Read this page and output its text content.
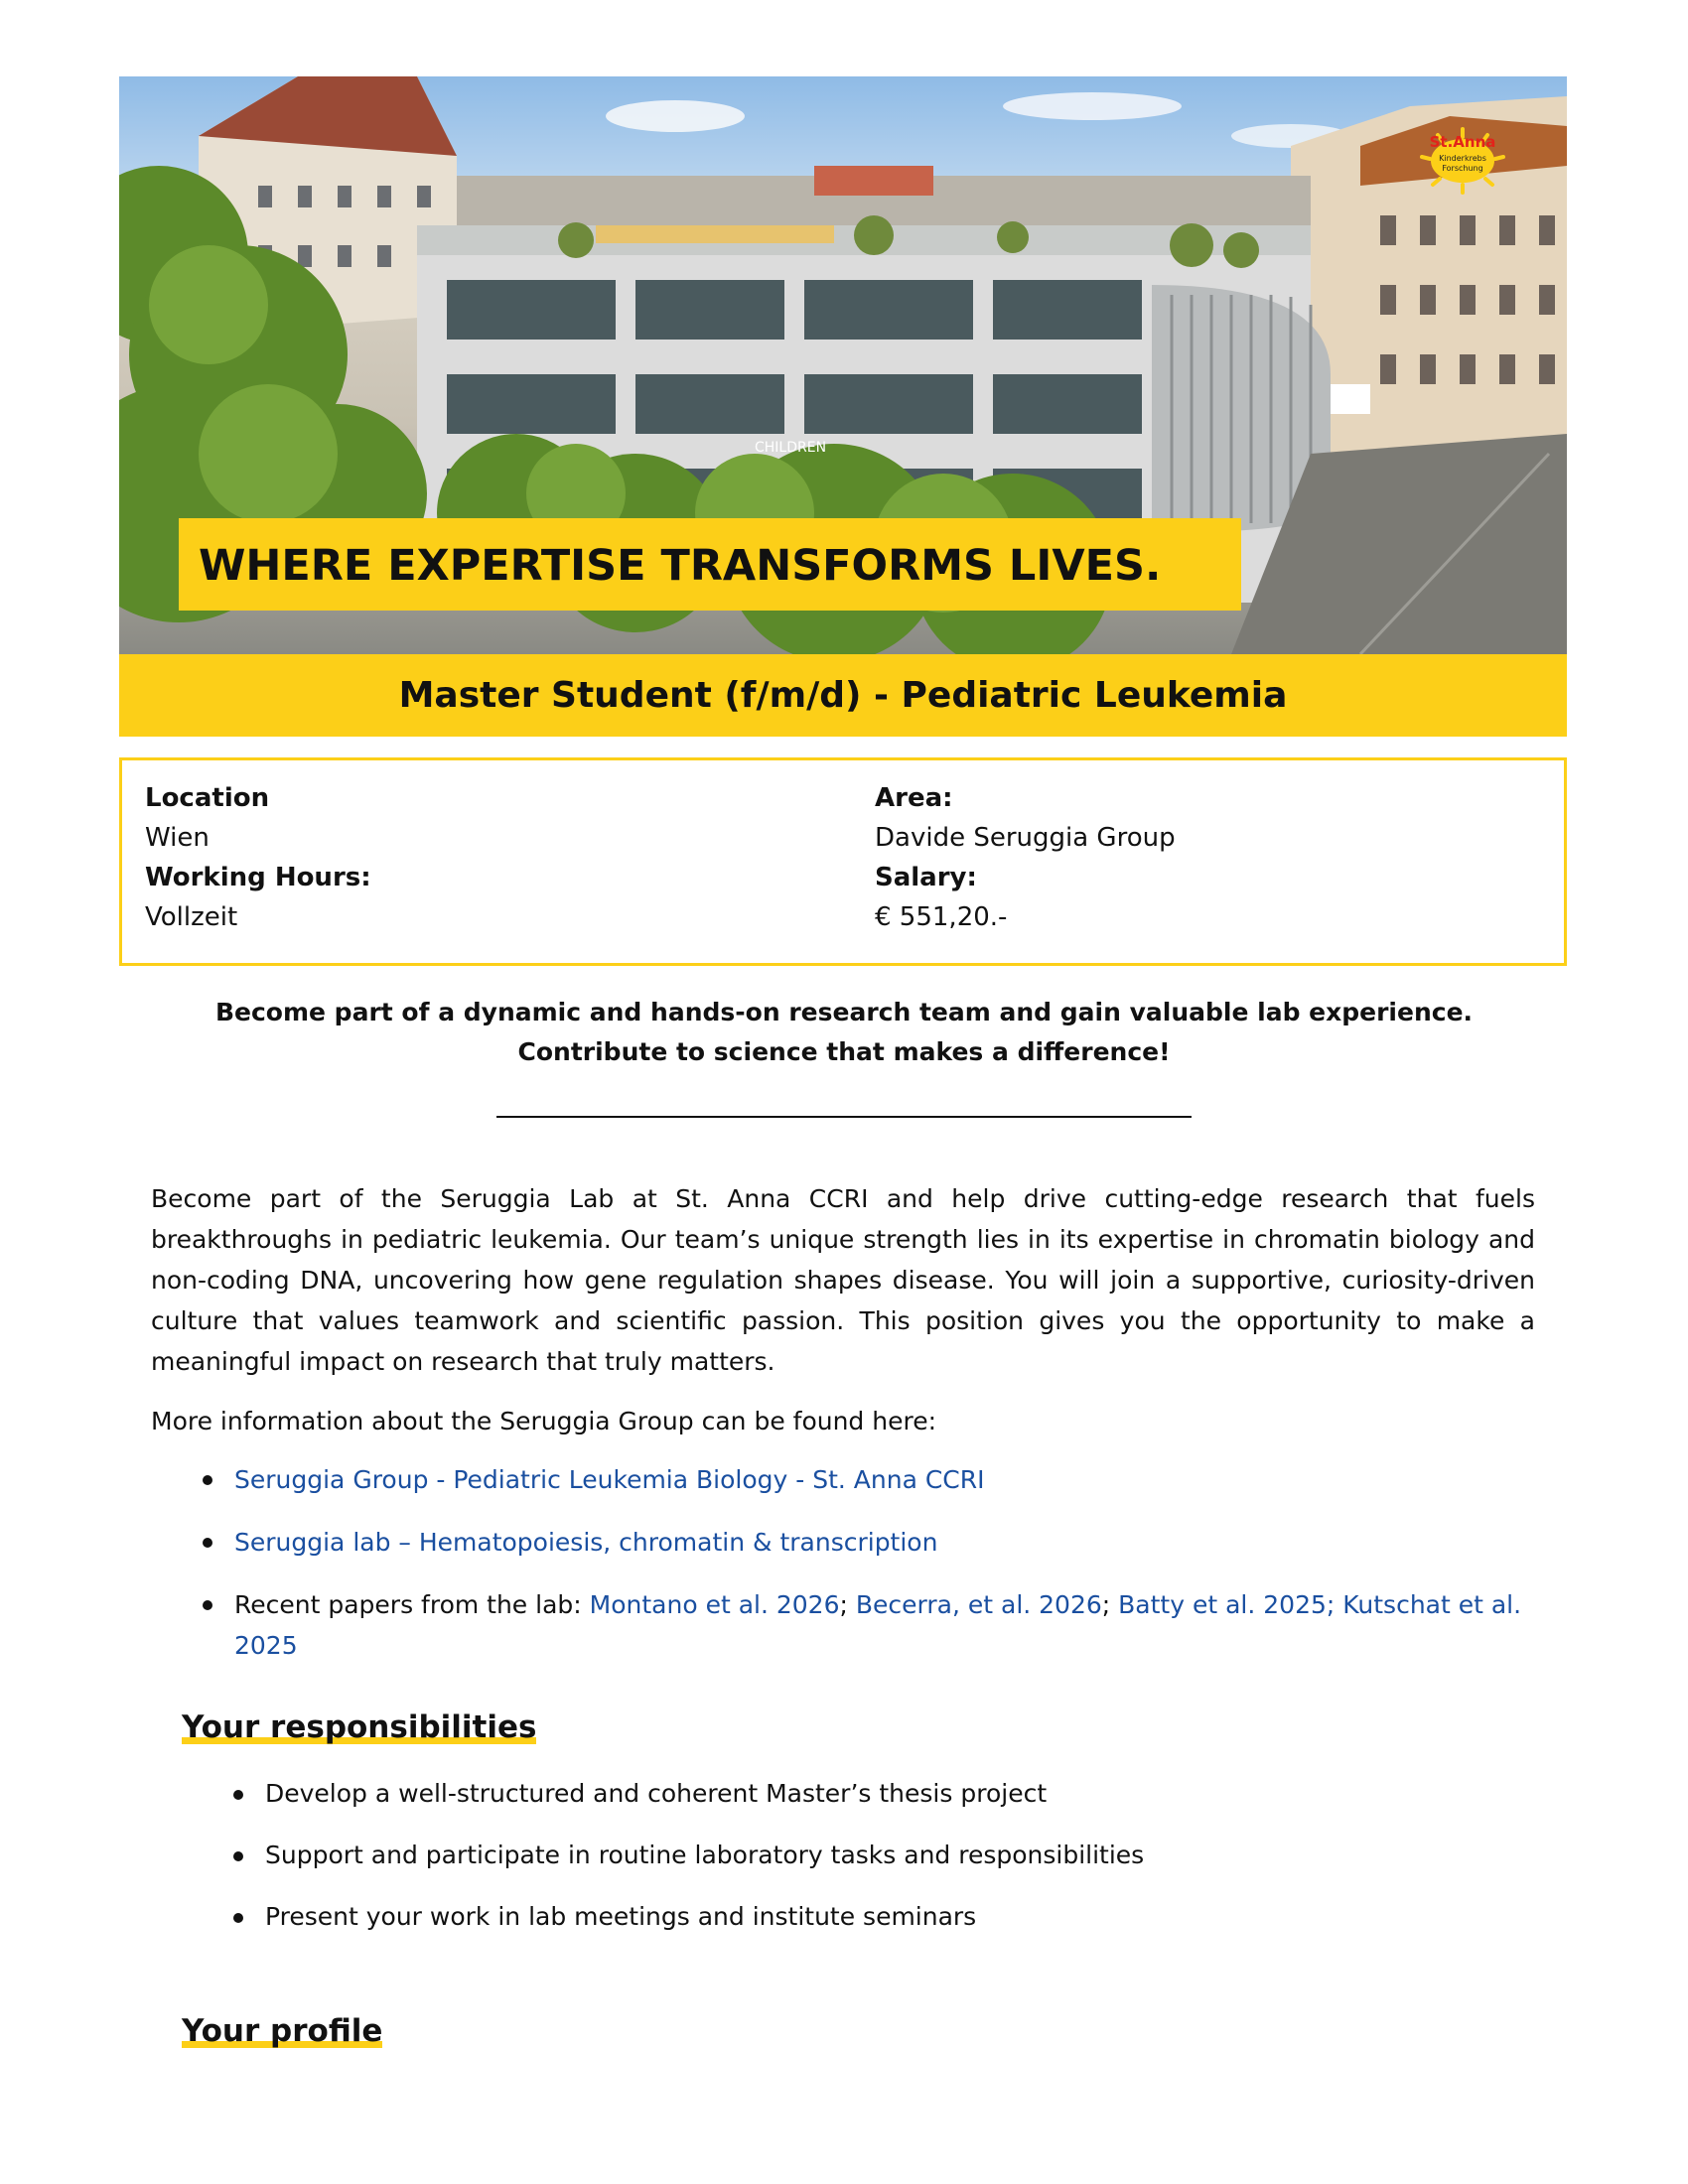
CHILDREN
St.Anna
Kinderkrebs Forschung
WHERE EXPERTISE TRANSFORMS LIVES.
Master Student (f/m/d) - Pediatric Leukemia
Location
Wien
Working Hours:
Vollzeit
Area:
Davide Seruggia Group
Salary:
€ 551,20.-
Become part of a dynamic and hands-on research team and gain valuable lab experience. Contribute to science that makes a difference!
Become part of the Seruggia Lab at St. Anna CCRI and help drive cutting-edge research that fuels breakthroughs in pediatric leukemia. Our team’s unique strength lies in its expertise in chromatin biology and non-coding DNA, uncovering how gene regulation shapes disease. You will join a supportive, curiosity-driven culture that values teamwork and scientific passion. This position gives you the opportunity to make a meaningful impact on research that truly matters.
More information about the Seruggia Group can be found here:
Seruggia Group - Pediatric Leukemia Biology - St. Anna CCRI
Seruggia lab – Hematopoiesis, chromatin & transcription
Recent papers from the lab: Montano et al. 2026; Becerra, et al. 2026; Batty et al. 2025; Kutschat et al. 2025
Your responsibilities
Develop a well-structured and coherent Master’s thesis project
Support and participate in routine laboratory tasks and responsibilities
Present your work in lab meetings and institute seminars
Your profile
